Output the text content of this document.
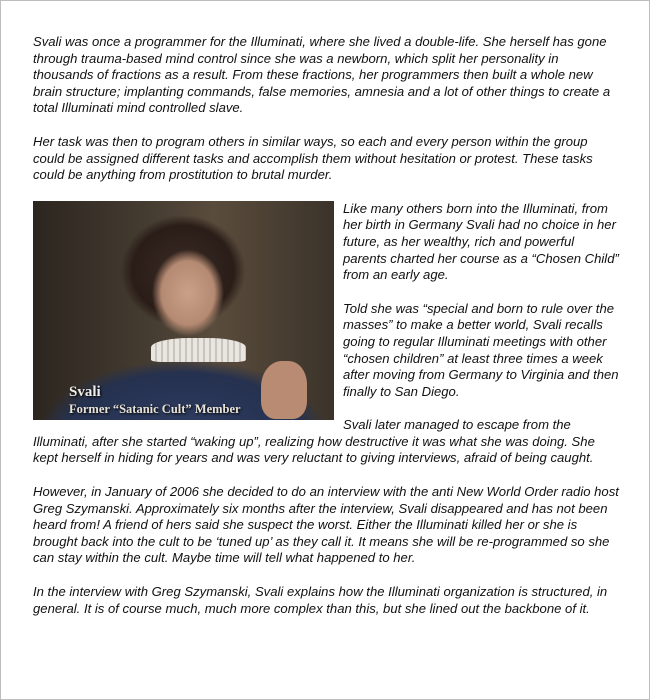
Svali was once a programmer for the Illuminati, where she lived a double-life. She herself has gone through trauma-based mind control since she was a newborn, which split her personality in thousands of fractions as a result. From these fractions, her programmers then built a whole new brain structure; implanting commands, false memories, amnesia and a lot of other things to create a total Illuminati mind controlled slave.

Her task was then to program others in similar ways, so each and every person within the group could be assigned different tasks and accomplish them without hesitation or protest. These tasks could be anything from prostitution to brutal murder.

Svali
Former “Satanic Cult” Member

Like many others born into the Illuminati, from her birth in Germany Svali had no choice in her future, as her wealthy, rich and powerful parents charted her course as a “Chosen Child” from an early age.

Told she was “special and born to rule over the masses” to make a better world, Svali recalls going to regular Illuminati meetings with other “chosen children” at least three times a week after moving from Germany to Virginia and then finally to San Diego.

Svali later managed to escape from the Illuminati, after she started “waking up”, realizing how destructive it was what she was doing. She kept herself in hiding for years and was very reluctant to giving interviews, afraid of being caught.

However, in January of 2006 she decided to do an interview with the anti New World Order radio host Greg Szymanski. Approximately six months after the interview, Svali disappeared and has not been heard from! A friend of hers said she suspect the worst. Either the Illuminati killed her or she is brought back into the cult to be ‘tuned up’ as they call it. It means she will be re-programmed so she can stay within the cult. Maybe time will tell what happened to her.

In the interview with Greg Szymanski, Svali explains how the Illuminati organization is structured, in general. It is of course much, much more complex than this, but she lined out the backbone of it.
